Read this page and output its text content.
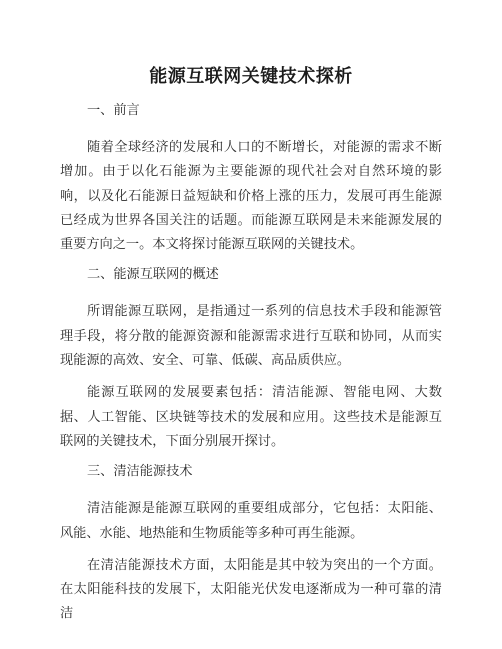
能源互联网关键技术探析
一、前言

随着全球经济的发展和人口的不断增长，对能源的需求不断增加。由于以化石能源为主要能源的现代社会对自然环境的影响，以及化石能源日益短缺和价格上涨的压力，发展可再生能源已经成为世界各国关注的话题。而能源互联网是未来能源发展的重要方向之一。本文将探讨能源互联网的关键技术。

二、能源互联网的概述

所谓能源互联网，是指通过一系列的信息技术手段和能源管理手段，将分散的能源资源和能源需求进行互联和协同，从而实现能源的高效、安全、可靠、低碳、高品质供应。

能源互联网的发展要素包括：清洁能源、智能电网、大数据、人工智能、区块链等技术的发展和应用。这些技术是能源互联网的关键技术，下面分别展开探讨。

三、清洁能源技术

清洁能源是能源互联网的重要组成部分，它包括：太阳能、风能、水能、地热能和生物质能等多种可再生能源。

在清洁能源技术方面，太阳能是其中较为突出的一个方面。在太阳能科技的发展下，太阳能光伏发电逐渐成为一种可靠的清洁
